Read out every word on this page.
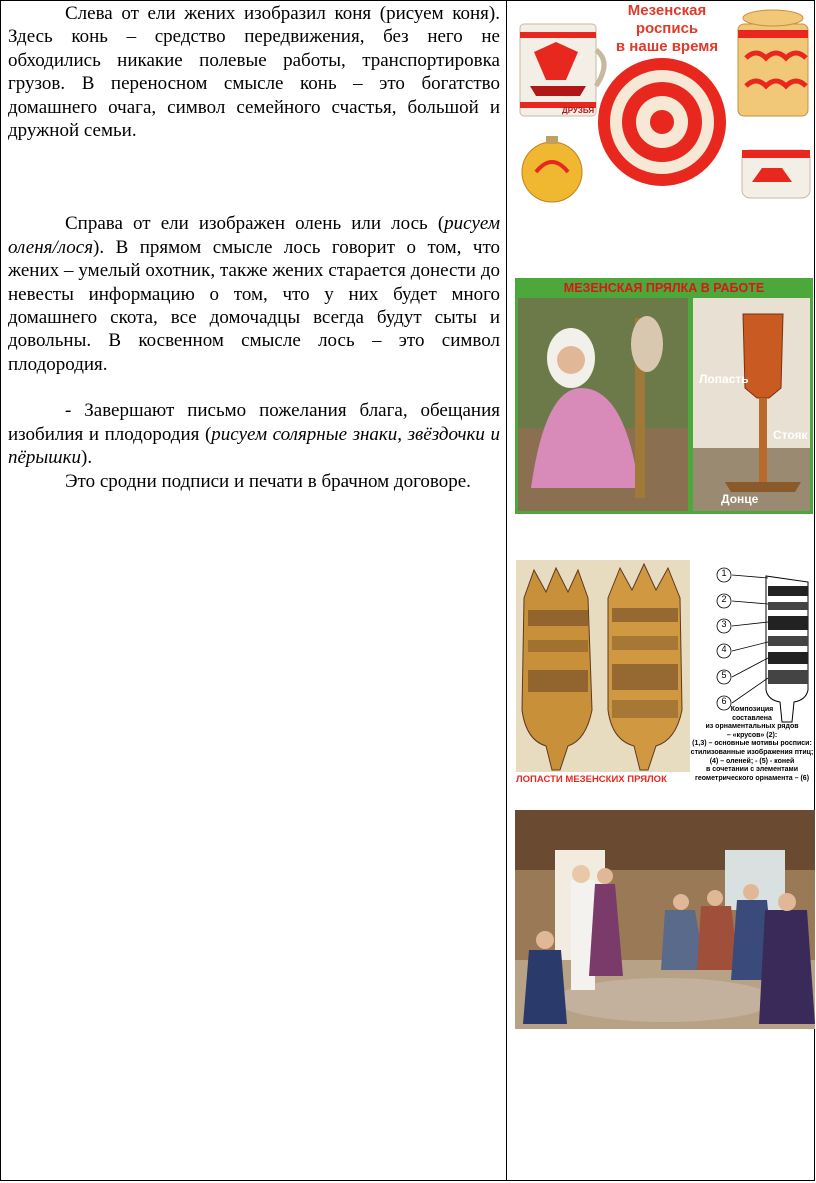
Слева от ели жених изобразил коня (рисуем коня). Здесь конь – средство передвижения, без него не обходились никакие полевые работы, транспортировка грузов. В переносном смысле конь – это богатство домашнего очага, символ семейного счастья, большой и дружной семьи.

Справа от ели изображен олень или лось (рисуем оленя/лося). В прямом смысле лось говорит о том, что жених – умелый охотник, также жених старается донести до невесты информацию о том, что у них будет много домашнего скота, все домочадцы всегда будут сыты и довольны. В косвенном смысле лось – это символ плодородия.

- Завершают письмо пожелания блага, обещания изобилия и плодородия (рисуем солярные знаки, звёздочки и пёрышки).

Это сродни подписи и печати в брачном договоре.

Мезенская
роспись
в наше время
ДРУЗЬЯ
МЕЗЕНСКАЯ ПРЯЛКА В РАБОТЕ
Лопасть
Стояк
Донце
1
2
3
4
5
6
Композиция
составлена
из орнаментальных рядов
– «крусов» (2):
(1,3) – основные мотивы росписи:
стилизованные изображения птиц;
(4) – оленей; - (5) - коней
в сочетании с элементами
геометрического орнамента – (6)
ЛОПАСТИ МЕЗЕНСКИХ ПРЯЛОК
